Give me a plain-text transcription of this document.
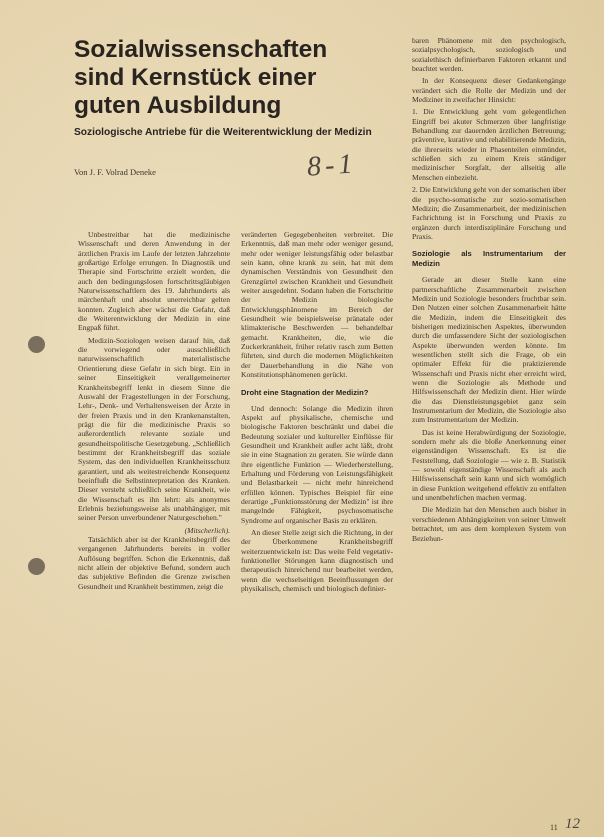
Sozialwissenschaften sind Kernstück einer guten Ausbildung
Soziologische Antriebe für die Weiterentwicklung der Medizin
Von J. F. Volrad Deneke	8-1

Unbestreitbar hat die medizinische Wissenschaft und deren Anwendung in der ärztlichen Praxis im Laufe der letzten Jahrzehnte großartige Erfolge errungen. In Diagnostik und Therapie sind Fortschritte erzielt worden, die auch den bedingungslosen fortschrittsgläubigen Naturwissenschaftlern des 19. Jahrhunderts als märchenhaft und absolut unerreichbar gelten konnten. Zugleich aber wächst die Gefahr, daß die Weiterentwicklung der Medizin in eine Engpaß führt.

Medizin-Soziologen weisen darauf hin, daß die vorwiegend oder ausschließlich naturwissenschaftlich materialistische Orientierung diese Gefahr in sich birgt. Ein in seiner Einseitigkeit verallgemeinerter Krankheitsbegriff lenkt in diesem Sinne die Auswahl der Fragestellungen in der Forschung, Lehr-, Denk- und Verhaltensweisen der Ärzte in der freien Praxis und in den Krankenanstalten, prägt die für die medizinische Praxis so außerordentlich relevante soziale und gesundheitspolitische Gesetzgebung. „Schließlich bestimmt der Krankheitsbegriff das soziale System, das den individuellen Krankheitsschutz garantiert, und als weitestreichende Konsequenz beeinflußt die Selbstinterpretation des Kranken. Dieser versteht schließlich seine Krankheit, wie die Wissenschaft es ihn lehrt: als anonymes Erlebnis beziehungsweise als unabhängiger, mit seiner Person unverbundener Naturgeschehen."

(Mitscherlich).

Tatsächlich aber ist der Krankheitsbegriff des vergangenen Jahrhunderts bereits in voller Auflösung begriffen. Schon die Erkenntnis, daß nicht allein der objektive Befund, sondern auch das subjektive Befinden die Grenze zwischen Gesundheit und Krankheit bestimmen, zeigt die

veränderten Gegegebenheiten verbreitet. Die Erkenntnis, daß man mehr oder weniger gesund, mehr oder weniger leistungsfähig oder belastbar sein kann, ohne krank zu sein, hat mit dem dynamischen Verständnis von Gesundheit den Grenzgürtel zwischen Krankheit und Gesundheit weiter ausgedehnt. Sodann haben die Fortschritte der Medizin biologische Entwicklungsphänomene im Bereich der Gesundheit wie beispielsweise pränatale oder klimakterische Beschwerden — behandelbar gemacht. Krankheiten, die, wie die Zuckerkrankheit, früher relativ rasch zum Betten führten, sind durch die modernen Möglichkeiten der Dauerbehandlung in die Nähe von Konstitutionsphänomenen gerückt.

Droht eine Stagnation der Medizin?

Und dennoch: Solange die Medizin ihren Aspekt auf physikalische, chemische und biologische Faktoren beschränkt und dabei die Bedeutung sozialer und kultureller Einflüsse für Gesundheit und Krankheit außer acht läßt, droht sie in eine Stagnation zu geraten. Sie würde dann ihre eigentliche Funktion — Wiederherstellung, Erhaltung und Förderung von Leistungsfähigkeit und Belastbarkeit — nicht mehr hinreichend erfüllen können. Typisches Beispiel für eine derartige „Funktionsstörung der Medizin" ist ihre mangelnde Fähigkeit, psychosomatische Syndrome auf organischer Basis zu erklären.

An dieser Stelle zeigt sich die Richtung, in der der Überkommene Krankheitsbegriff weiterzuentwickeln ist: Das weite Feld vegetativ-funktioneller Störungen kann diagnostisch und therapeutisch hinreichend nur bearbeitet werden, wenn die wechselseitigen Beeinflussungen der physikalisch, chemisch und biologisch definier-

baren Phänomene mit den psychologisch, sozialpsychologisch, soziologisch und sozialethisch definierbaren Faktoren erkannt und beachtet werden.

In der Konsequenz dieser Gedankengänge verändert sich die Rolle der Medizin und der Mediziner in zweifacher Hinsicht:

1. Die Entwicklung geht vom gelegentlichen Eingriff bei akuter Schmerzen über langfristige Behandlung zur dauernden ärztlichen Betreuung; präventive, kurative und rehabilitierende Medizin, die ihrerseits wieder in Phasenteilen einmündet, schließen sich zu einem Kreis ständiger medizinischer Sorgfalt, der allseitig alle Menschen einbezieht.

2. Die Entwicklung geht von der somatischen über die psycho-somatische zur sozio-somatischen Medizin; die Zusammenarbeit, der medizinischen Fachrichtung ist in Forschung und Praxis zu ergänzen durch interdisziplinäre Forschung und Praxis.

Soziologie als Instrumentarium der Medizin

Gerade an dieser Stelle kann eine partnerschaftliche Zusammenarbeit zwischen Medizin und Soziologie besonders fruchtbar sein. Den Nutzen einer solchen Zusammenarbeit hätte die Medizin, indem die Einseitigkeit des bisherigen medizinischen Aspektes, überwunden durch die umfassendere Sicht der soziologischen Aspekte überwunden werden könnte. Im wesentlichen stellt sich die Frage, ob ein optimaler Effekt für die praktizierende Wissenschaft und Praxis nicht eher erreicht wird, wenn die Soziologie als Methode und Hilfswissenschaft der Medizin dient. Hier würde die das Dienstleistungsgebiet ganz sein Instrumentarium der Medizin, die Soziologie also zum Instrumentarium der Medizin.

Das ist keine Herabwürdigung der Soziologie, sondern mehr als die bloße Anerkennung einer eigenständigen Wissenschaft. Es ist die Feststellung, daß Soziologie — wie z. B. Statistik — sowohl eigenständige Wissenschaft als auch Hilfswissenschaft sein kann und sich womöglich in diese Funktion weitgehend effektiv zu entfalten und unentbehrlichen machen vermag.

Die Medizin hat den Menschen auch bisher in verschiedenen Abhängigkeiten von seiner Umwelt betrachtet, um aus dem komplexen System von Beziehun-

11 12
